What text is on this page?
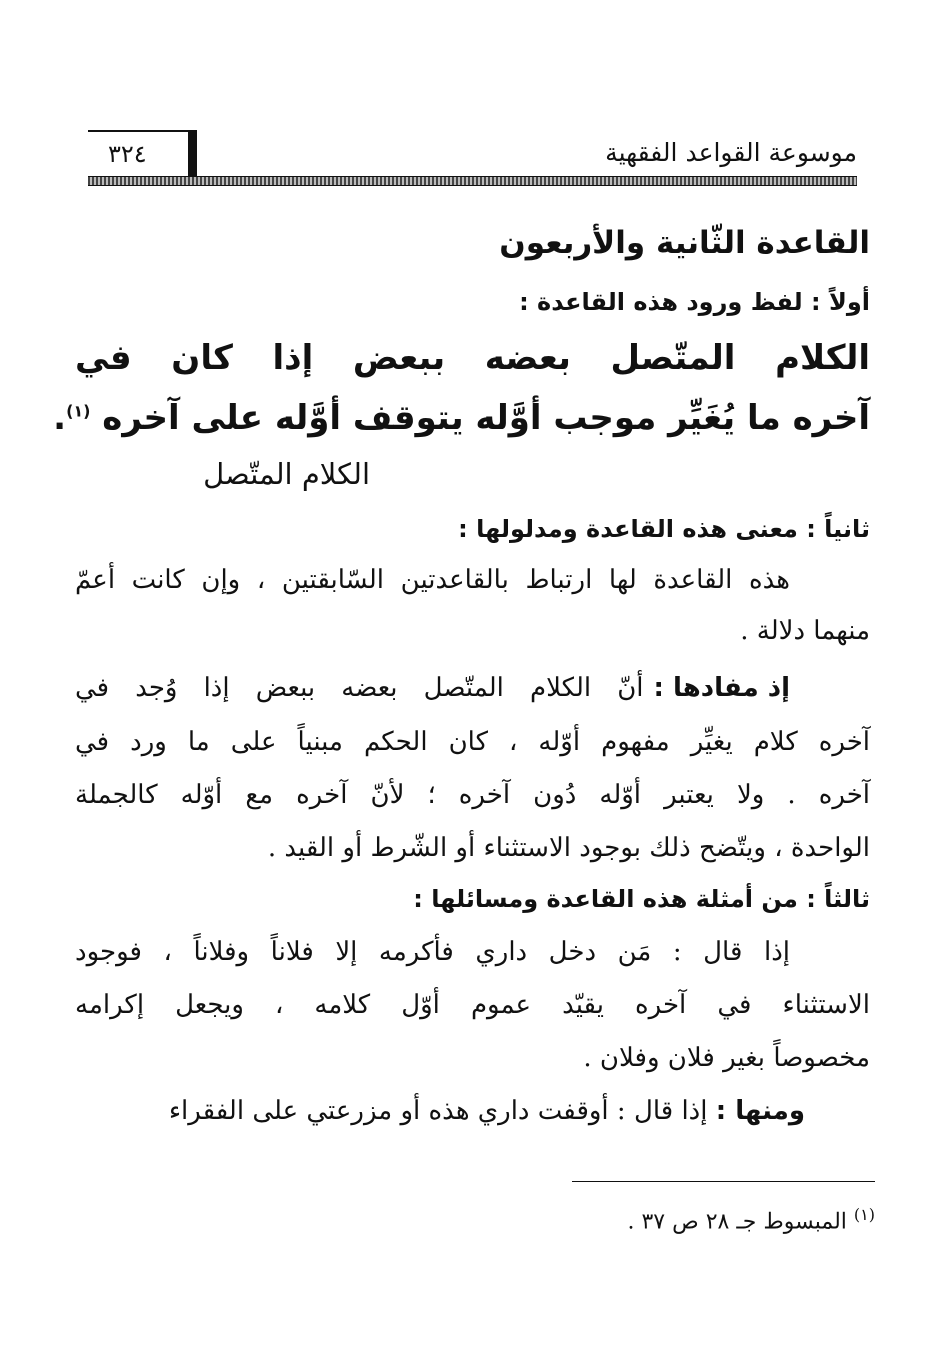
موسوعة القواعد الفقهية
٣٢٤
القاعدة الثّانية والأربعون
أولاً : لفظ ورود هذه القاعدة :
الكلام المتّصل بعضه ببعض إذا كان في
آخره ما يُغَيِّر موجب أوَّله يتوقف أوَّله على آخره $^{(١)}$.
الكلام المتّصل
ثانياً : معنى هذه القاعدة ومدلولها :
هذه القاعدة لها ارتباط بالقاعدتين السّابقتين ، وإن كانت أعمّ
منهما دلالة .
إذ مفادها :
أنّ الكلام المتّصل بعضه ببعض إذا وُجد في
آخره كلام يغيِّر مفهوم أوّله ، كان الحكم مبنياً على ما ورد في
آخره . ولا يعتبر أوّله دُون آخره ؛ لأنّ آخره مع أوّله كالجملة
الواحدة ، ويتّضح ذلك بوجود الاستثناء أو الشّرط أو القيد .
ثالثاً : من أمثلة هذه القاعدة ومسائلها :
إذا قال : مَن دخل داري فأكرمه إلا فلاناً وفلاناً ، فوجود
الاستثناء في آخره يقيّد عموم أوّل كلامه ، ويجعل إكرامه
مخصوصاً بغير فلان وفلان .
ومنها : إذا قال : أوقفت داري هذه أو مزرعتي على الفقراء
$^{(١)}$ المبسوط جـ ٢٨ ص ٣٧ .
